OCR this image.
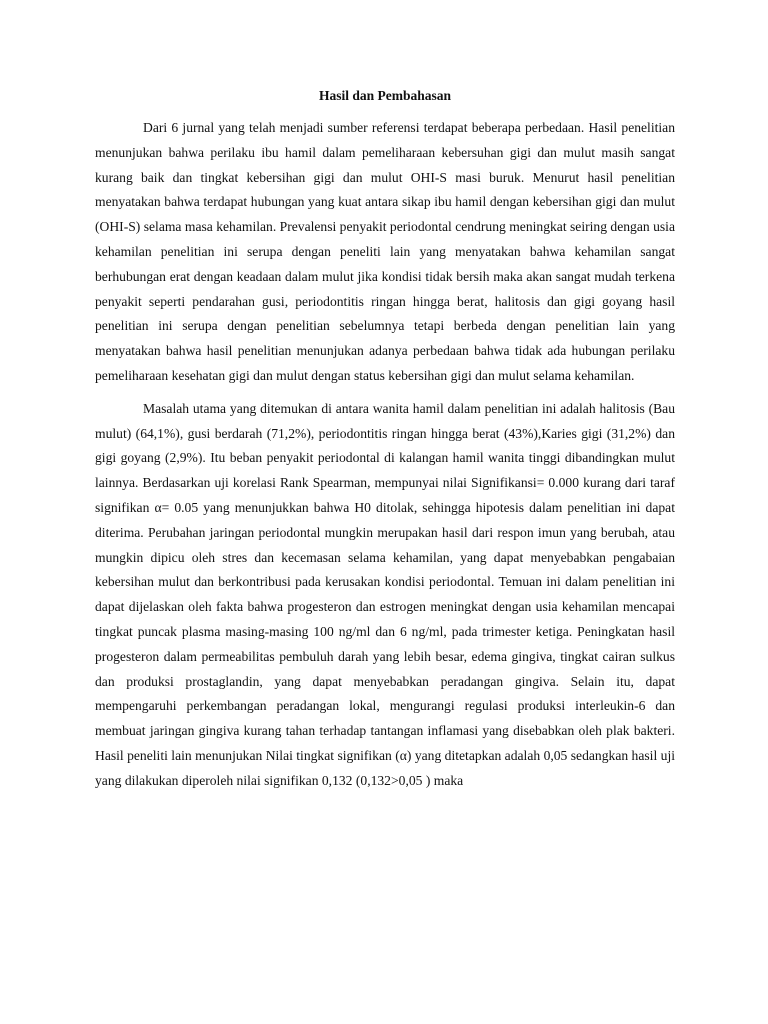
Hasil dan Pembahasan

Dari 6 jurnal yang telah menjadi sumber referensi terdapat beberapa perbedaan. Hasil penelitian menunjukan bahwa perilaku ibu hamil dalam pemeliharaan kebersuhan gigi dan mulut masih sangat kurang baik dan tingkat kebersihan gigi dan mulut OHI-S masi buruk. Menurut hasil penelitian menyatakan bahwa terdapat hubungan yang kuat antara sikap ibu hamil dengan kebersihan gigi dan mulut (OHI-S) selama masa kehamilan. Prevalensi penyakit periodontal cendrung meningkat seiring dengan usia kehamilan penelitian ini serupa dengan peneliti lain yang menyatakan bahwa kehamilan sangat berhubungan erat dengan keadaan dalam mulut jika kondisi tidak bersih maka akan sangat mudah terkena penyakit seperti pendarahan gusi, periodontitis ringan hingga berat, halitosis dan gigi goyang hasil penelitian ini serupa dengan penelitian sebelumnya tetapi berbeda dengan penelitian lain yang menyatakan bahwa hasil penelitian menunjukan adanya perbedaan bahwa tidak ada hubungan perilaku pemeliharaan kesehatan gigi dan mulut dengan status kebersihan gigi dan mulut selama kehamilan.

Masalah utama yang ditemukan di antara wanita hamil dalam penelitian ini adalah halitosis (Bau mulut) (64,1%), gusi berdarah (71,2%), periodontitis ringan hingga berat (43%),Karies gigi (31,2%) dan gigi goyang (2,9%). Itu beban penyakit periodontal di kalangan hamil wanita tinggi dibandingkan mulut lainnya. Berdasarkan uji korelasi Rank Spearman, mempunyai nilai Signifikansi= 0.000 kurang dari taraf signifikan α= 0.05 yang menunjukkan bahwa H0 ditolak, sehingga hipotesis dalam penelitian ini dapat diterima. Perubahan jaringan periodontal mungkin merupakan hasil dari respon imun yang berubah, atau mungkin dipicu oleh stres dan kecemasan selama kehamilan, yang dapat menyebabkan pengabaian kebersihan mulut dan berkontribusi pada kerusakan kondisi periodontal. Temuan ini dalam penelitian ini dapat dijelaskan oleh fakta bahwa progesteron dan estrogen meningkat dengan usia kehamilan mencapai tingkat puncak plasma masing-masing 100 ng/ml dan 6 ng/ml, pada trimester ketiga. Peningkatan hasil progesteron dalam permeabilitas pembuluh darah yang lebih besar, edema gingiva, tingkat cairan sulkus dan produksi prostaglandin, yang dapat menyebabkan peradangan gingiva. Selain itu, dapat mempengaruhi perkembangan peradangan lokal, mengurangi regulasi produksi interleukin-6 dan membuat jaringan gingiva kurang tahan terhadap tantangan inflamasi yang disebabkan oleh plak bakteri. Hasil peneliti lain menunjukan Nilai tingkat signifikan (α) yang ditetapkan adalah 0,05 sedangkan hasil uji yang dilakukan diperoleh nilai signifikan 0,132 (0,132>0,05 ) maka
